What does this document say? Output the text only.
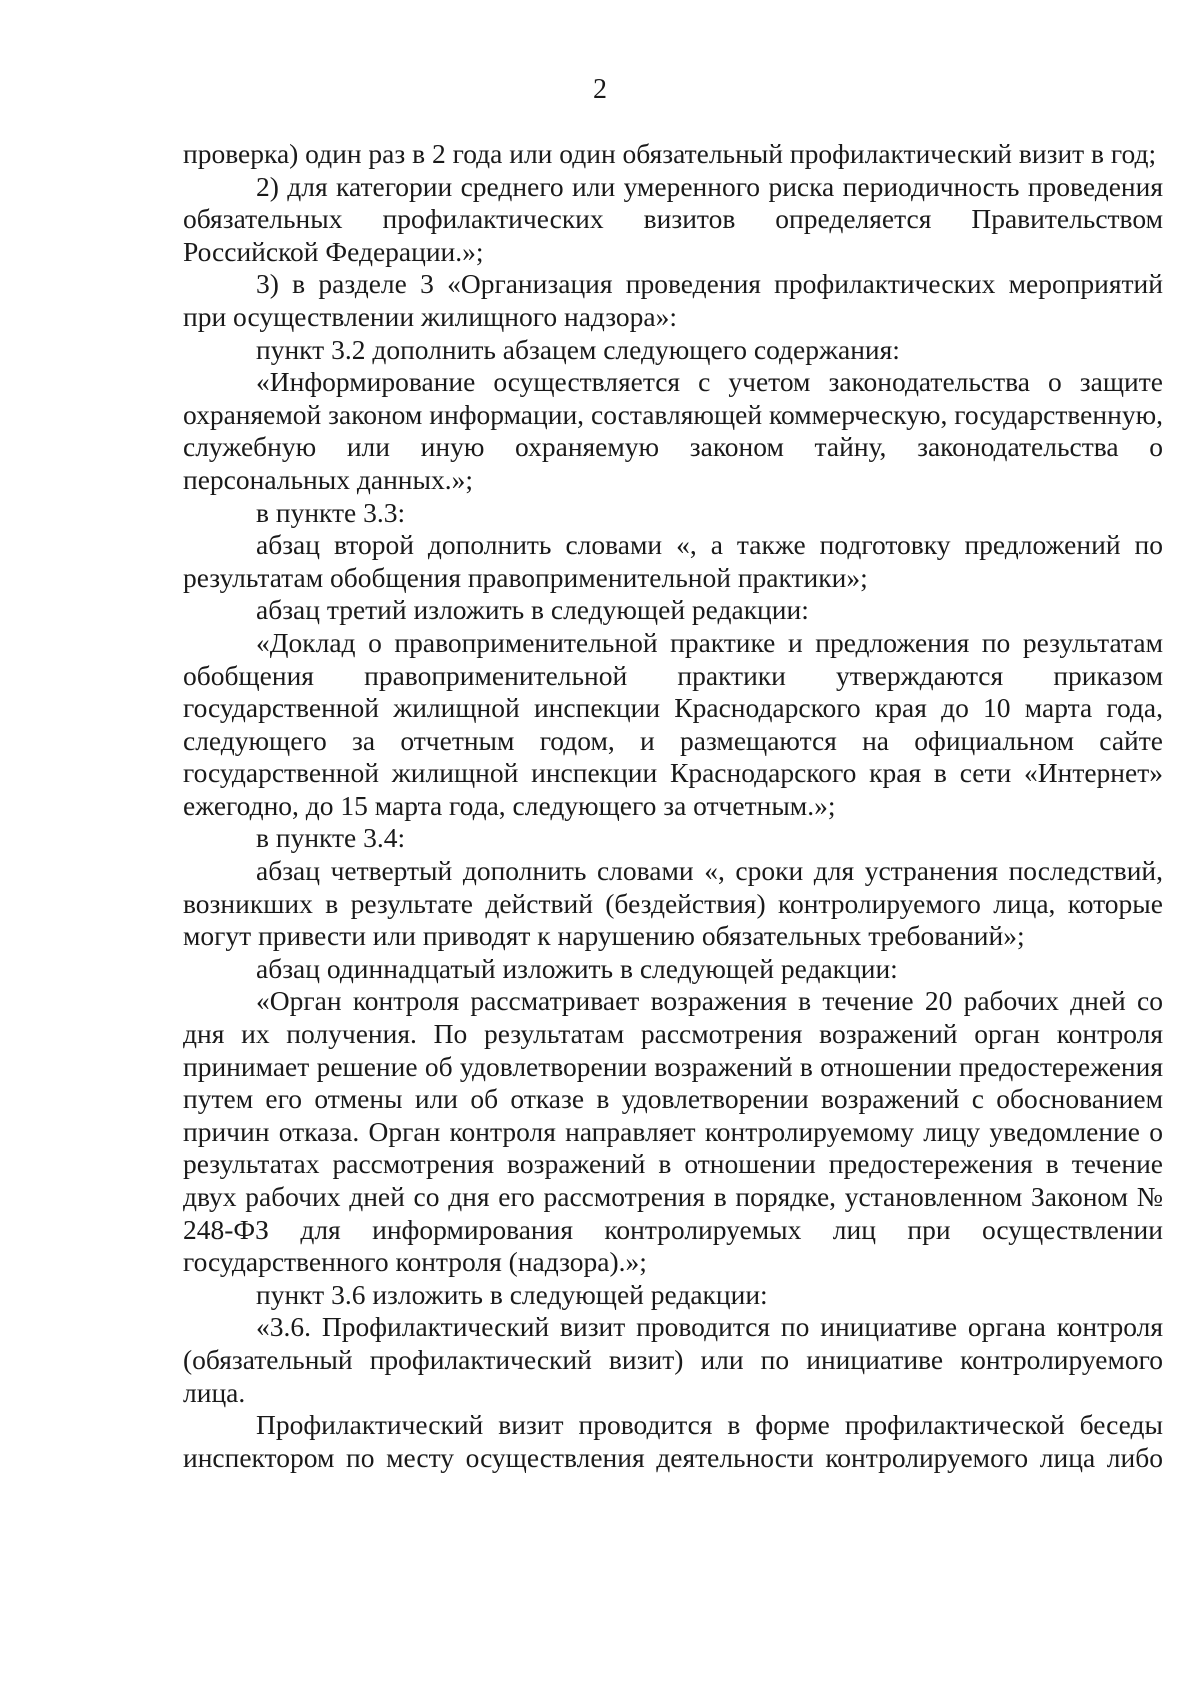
2

проверка) один раз в 2 года или один обязательный профилактический визит в год;

2) для категории среднего или умеренного риска периодичность проведения обязательных профилактических визитов определяется Правительством Российской Федерации.»;

3) в разделе 3 «Организация проведения профилактических мероприятий при осуществлении жилищного надзора»:

пункт 3.2 дополнить абзацем следующего содержания:

«Информирование осуществляется с учетом законодательства о защите охраняемой законом информации, составляющей коммерческую, государственную, служебную или иную охраняемую законом тайну, законодательства о персональных данных.»;

в пункте 3.3:

абзац второй дополнить словами «, а также подготовку предложений по результатам обобщения правоприменительной практики»;

абзац третий изложить в следующей редакции:

«Доклад о правоприменительной практике и предложения по результатам обобщения правоприменительной практики утверждаются приказом государственной жилищной инспекции Краснодарского края до 10 марта года, следующего за отчетным годом, и размещаются на официальном сайте государственной жилищной инспекции Краснодарского края в сети «Интернет» ежегодно, до 15 марта года, следующего за отчетным.»;

в пункте 3.4:

абзац четвертый дополнить словами «, сроки для устранения последствий, возникших в результате действий (бездействия) контролируемого лица, которые могут привести или приводят к нарушению обязательных требований»;

абзац одиннадцатый изложить в следующей редакции:

«Орган контроля рассматривает возражения в течение 20 рабочих дней со дня их получения. По результатам рассмотрения возражений орган контроля принимает решение об удовлетворении возражений в отношении предостережения путем его отмены или об отказе в удовлетворении возражений с обоснованием причин отказа. Орган контроля направляет контролируемому лицу уведомление о результатах рассмотрения возражений в отношении предостережения в течение двух рабочих дней со дня его рассмотрения в порядке, установленном Законом № 248-ФЗ для информирования контролируемых лиц при осуществлении государственного контроля (надзора).»;

пункт 3.6 изложить в следующей редакции:

«3.6. Профилактический визит проводится по инициативе органа контроля (обязательный профилактический визит) или по инициативе контролируемого лица.

Профилактический визит проводится в форме профилактической беседы инспектором по месту осуществления деятельности контролируемого лица либо
